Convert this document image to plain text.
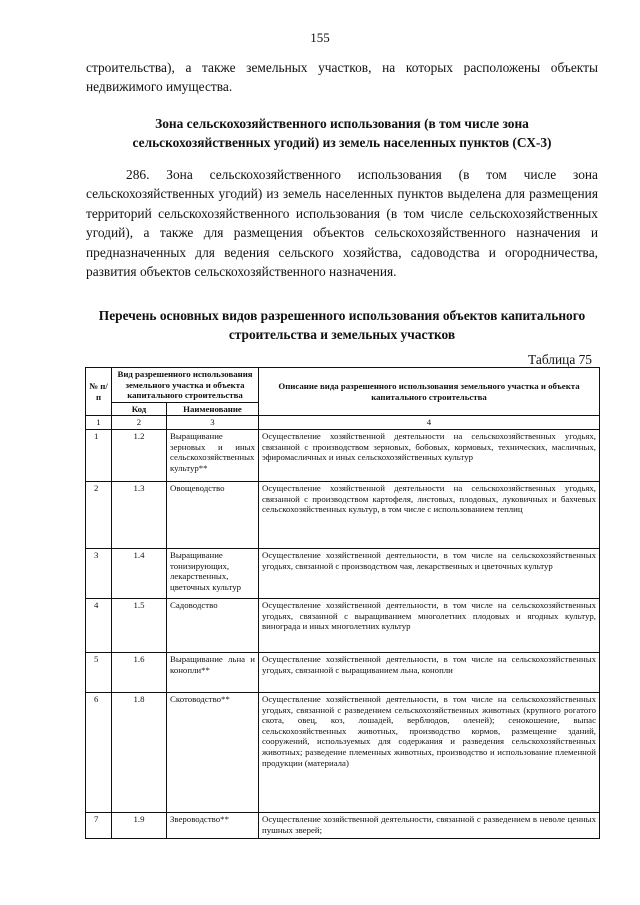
155
строительства), а также земельных участков, на которых расположены объекты недвижимого имущества.
Зона сельскохозяйственного использования (в том числе зона сельскохозяйственных угодий) из земель населенных пунктов (СХ-3)
286. Зона сельскохозяйственного использования (в том числе зона сельскохозяйственных угодий) из земель населенных пунктов выделена для размещения территорий сельскохозяйственного использования (в том числе сельскохозяйственных угодий), а также для размещения объектов сельскохозяйственного назначения и предназначенных для ведения сельского хозяйства, садоводства и огородничества, развития объектов сельскохозяйственного назначения.
Перечень основных видов разрешенного использования объектов капитального строительства и земельных участков
Таблица 75
№ п/п	Вид разрешенного использования земельного участка и объекта капитального строительства		Описание вида разрешенного использования земельного участка и объекта капитального строительства
	Код	Наименование	
1	2	3	4
1	1.2	Выращивание зерновых и иных сельскохозяйственных культур**	Осуществление хозяйственной деятельности на сельскохозяйственных угодьях, связанной с производством зерновых, бобовых, кормовых, технических, масличных, эфиромасличных и иных сельскохозяйственных культур
2	1.3	Овощеводство	Осуществление хозяйственной деятельности на сельскохозяйственных угодьях, связанной с производством картофеля, листовых, плодовых, луковичных и бахчевых сельскохозяйственных культур, в том числе с использованием теплиц
3	1.4	Выращивание тонизирующих, лекарственных, цветочных культур	Осуществление хозяйственной деятельности, в том числе на сельскохозяйственных угодьях, связанной с производством чая, лекарственных и цветочных культур
4	1.5	Садоводство	Осуществление хозяйственной деятельности, в том числе на сельскохозяйственных угодьях, связанной с выращиванием многолетних плодовых и ягодных культур, винограда и иных многолетних культур
5	1.6	Выращивание льна и конопли**	Осуществление хозяйственной деятельности, в том числе на сельскохозяйственных угодьях, связанной с выращиванием льна, конопли
6	1.8	Скотоводство**	Осуществление хозяйственной деятельности, в том числе на сельскохозяйственных угодьях, связанной с разведением сельскохозяйственных животных (крупного рогатого скота, овец, коз, лошадей, верблюдов, оленей); сенокошение, выпас сельскохозяйственных животных, производство кормов, размещение зданий, сооружений, используемых для содержания и разведения сельскохозяйственных животных; разведение племенных животных, производство и использование племенной продукции (материала)
7	1.9	Звероводство**	Осуществление хозяйственной деятельности, связанной с разведением в неволе ценных пушных зверей;
